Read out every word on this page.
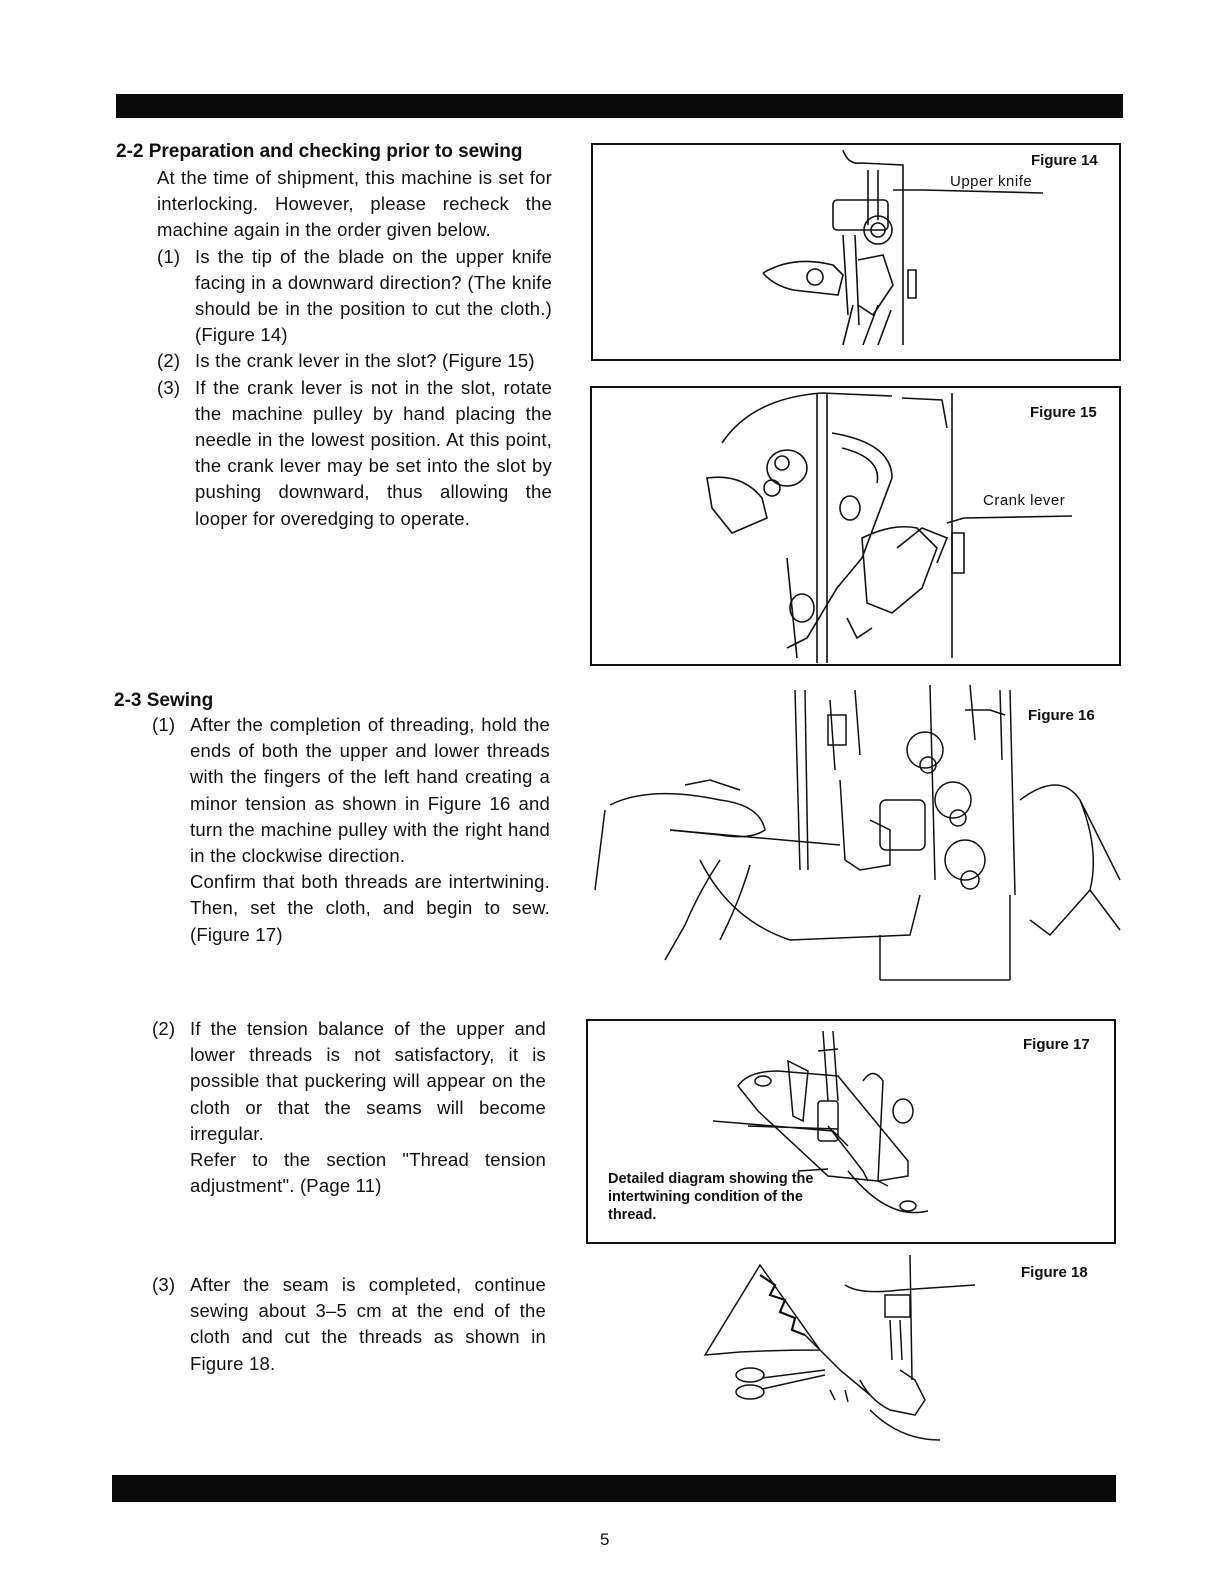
2-2 Preparation and checking prior to sewing
At the time of shipment, this machine is set for interlocking. However, please recheck the machine again in the order given below.
(1) Is the tip of the blade on the upper knife facing in a downward direction? (The knife should be in the position to cut the cloth.) (Figure 14)
(2) Is the crank lever in the slot? (Figure 15)
(3) If the crank lever is not in the slot, rotate the machine pulley by hand placing the needle in the lowest position. At this point, the crank lever may be set into the slot by pushing downward, thus allowing the looper for overedging to operate.
2-3 Sewing
(1) After the completion of threading, hold the ends of both the upper and lower threads with the fingers of the left hand creating a minor tension as shown in Figure 16 and turn the machine pulley with the right hand in the clockwise direction.
Confirm that both threads are intertwining. Then, set the cloth, and begin to sew. (Figure 17)
(2) If the tension balance of the upper and lower threads is not satisfactory, it is possible that puckering will appear on the cloth or that the seams will become irregular.
Refer to the section "Thread tension adjustment". (Page 11)
(3) After the seam is completed, continue sewing about 3–5 cm at the end of the cloth and cut the threads as shown in Figure 18.
Figure 14
Upper knife
Figure 15
Crank lever
Figure 16
Figure 17
Detailed diagram showing the intertwining condition of the thread.
Figure 18
5
